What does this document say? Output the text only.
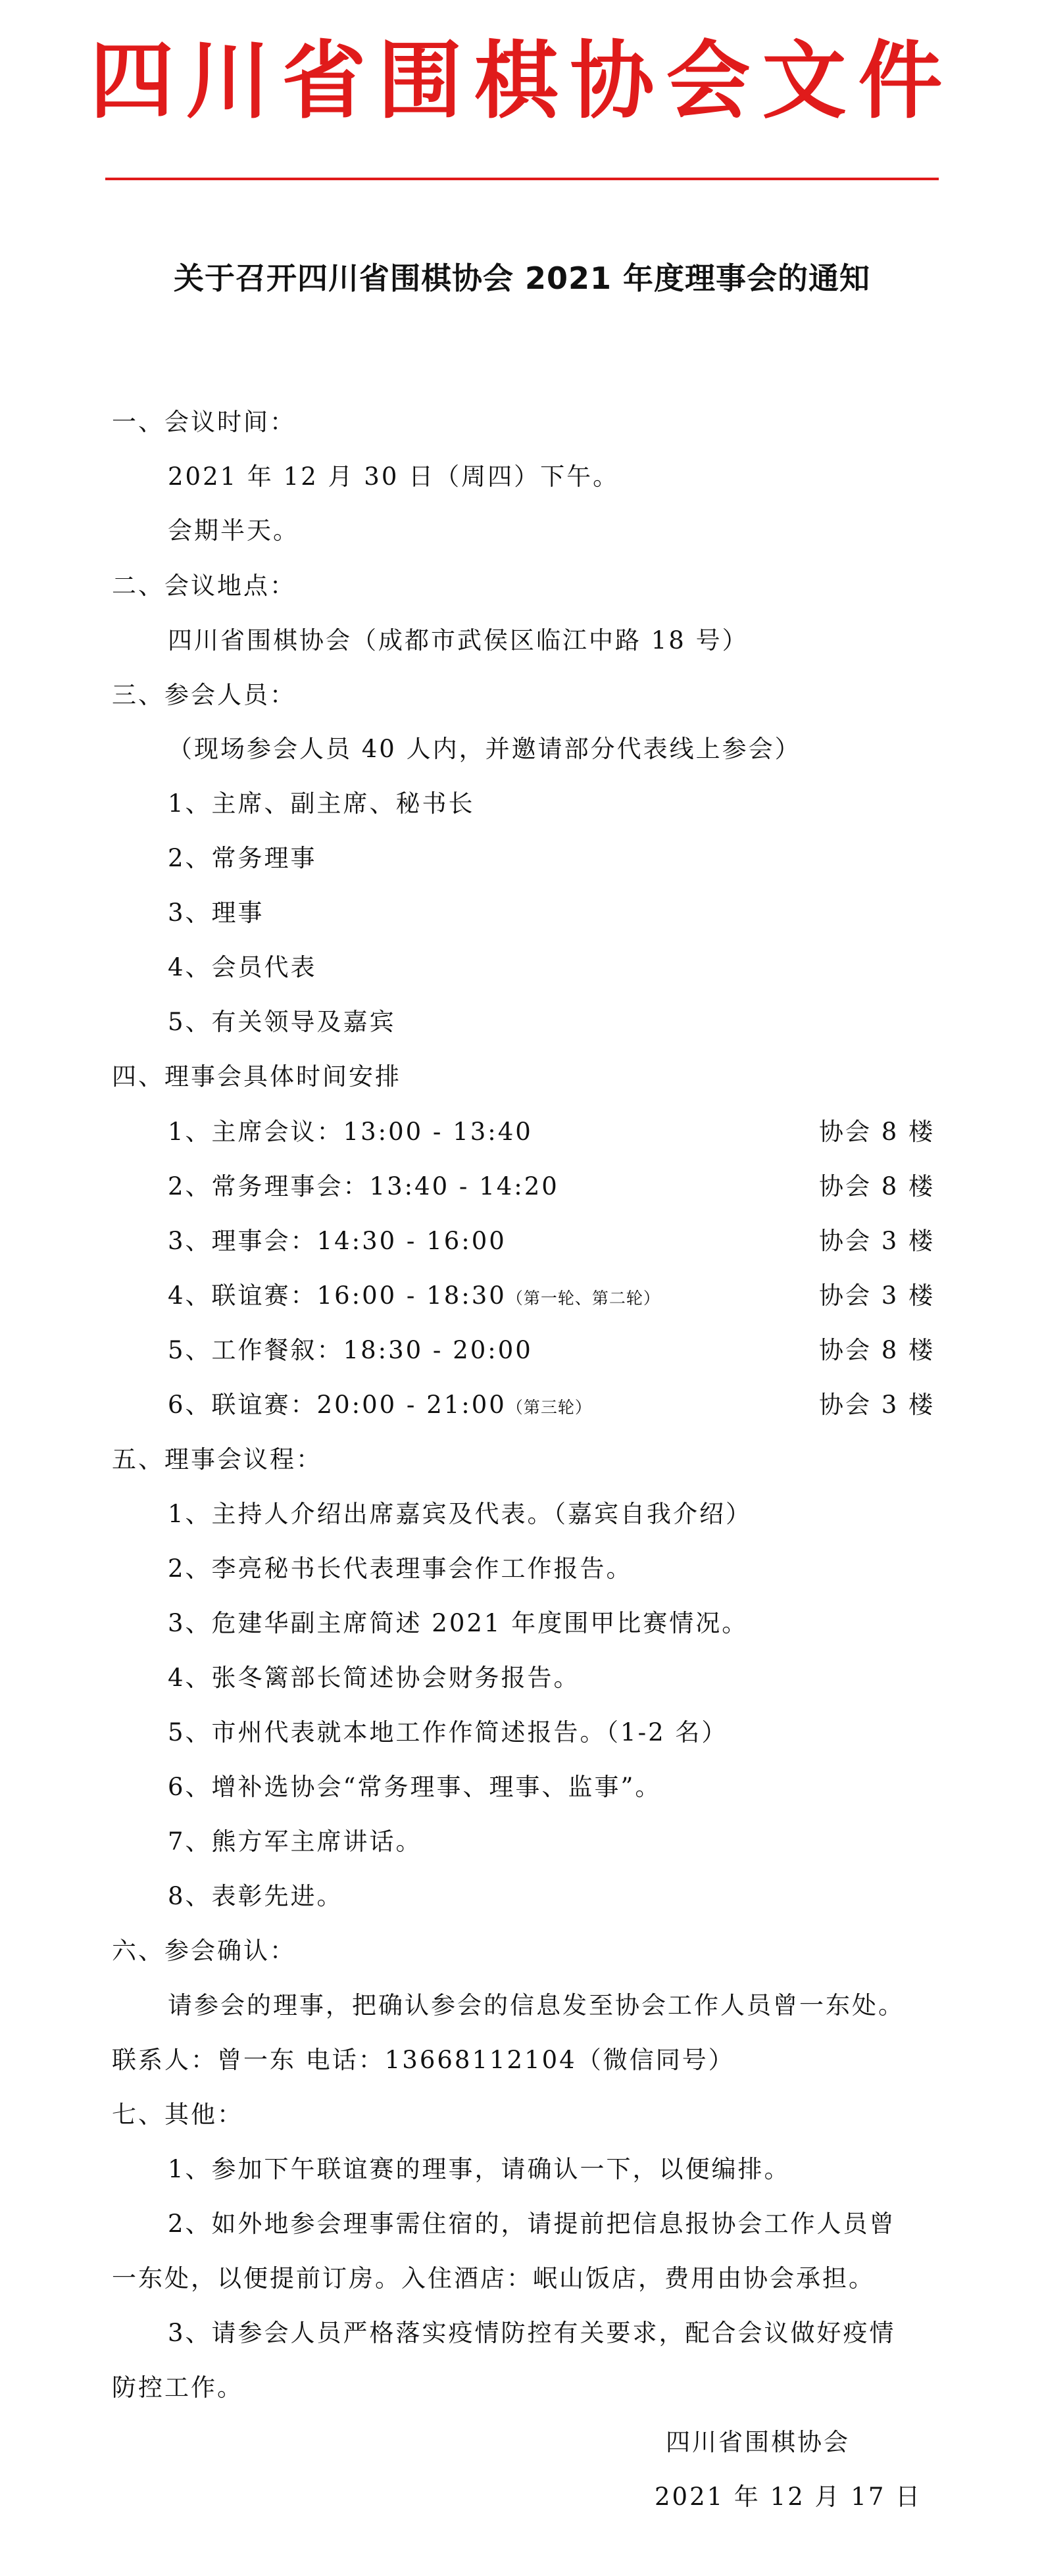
四川省围棋协会文件
关于召开四川省围棋协会 2021 年度理事会的通知
一、会议时间：
2021 年 12 月 30 日（周四）下午。
会期半天。
二、会议地点：
四川省围棋协会（成都市武侯区临江中路 18 号）
三、参会人员：
（现场参会人员 40 人内，并邀请部分代表线上参会）
1、主席、副主席、秘书长
2、常务理事
3、理事
4、会员代表
5、有关领导及嘉宾
四、理事会具体时间安排
1、主席会议：13:00 - 13:40	协会 8 楼
2、常务理事会：13:40 - 14:20	协会 8 楼
3、理事会：14:30 - 16:00	协会 3 楼
4、联谊赛：16:00 - 18:30（第一轮、第二轮）	协会 3 楼
5、工作餐叙：18:30 - 20:00	协会 8 楼
6、联谊赛：20:00 - 21:00（第三轮）	协会 3 楼
五、理事会议程：
1、主持人介绍出席嘉宾及代表。（嘉宾自我介绍）
2、李亮秘书长代表理事会作工作报告。
3、危建华副主席简述 2021 年度围甲比赛情况。
4、张冬篱部长简述协会财务报告。
5、市州代表就本地工作作简述报告。（1-2 名）
6、增补选协会“常务理事、理事、监事”。
7、熊方军主席讲话。
8、表彰先进。
六、参会确认：
请参会的理事，把确认参会的信息发至协会工作人员曾一东处。
联系人：曾一东 电话：13668112104（微信同号）
七、其他：
1、参加下午联谊赛的理事，请确认一下，以便编排。
2、如外地参会理事需住宿的，请提前把信息报协会工作人员曾
一东处，以便提前订房。入住酒店：岷山饭店，费用由协会承担。
3、请参会人员严格落实疫情防控有关要求，配合会议做好疫情
防控工作。
四川省围棋协会
2021 年 12 月 17 日
